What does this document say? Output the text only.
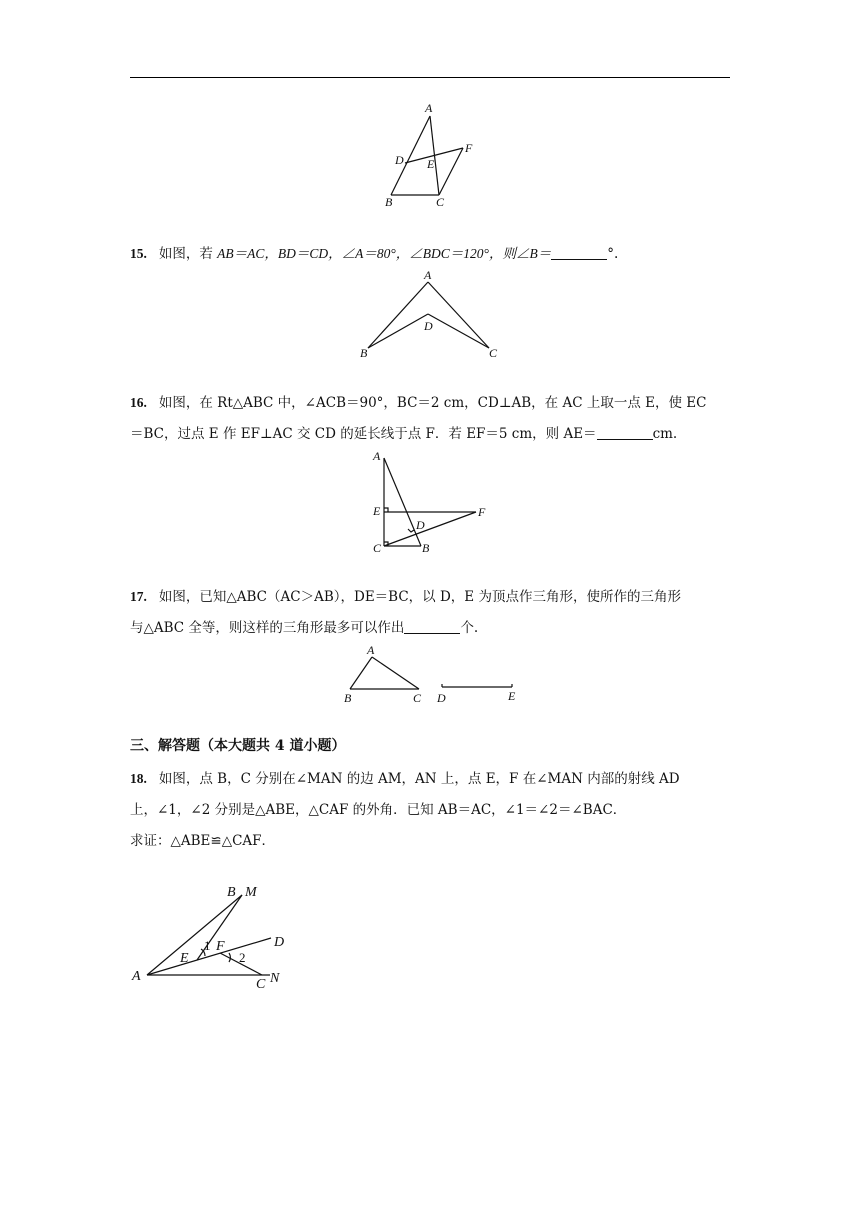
A
B	C
D E
F
15. 如图，若 AB＝AC，BD＝CD，∠A＝80°，∠BDC＝120°，则∠B＝	°.
A
B	C
D
16. 如图，在 Rt△ABC 中，∠ACB＝90°，BC＝2 cm，CD⊥AB，在 AC 上取一点 E，使 EC
＝BC，过点 E 作 EF⊥AC 交 CD 的延长线于点 F．若 EF＝5 cm，则 AE＝	cm.
A
E
C	B
D
F
17. 如图，已知△ABC（AC＞AB），DE＝BC，以 D，E 为顶点作三角形，使所作的三角形
与△ABC 全等，则这样的三角形最多可以作出	个.
A
B	C D	E
三、解答题（本大题共 4 道小题）
18. 如图，点 B，C 分别在∠MAN 的边 AM，AN 上，点 E，F 在∠MAN 内部的射线 AD
上，∠1，∠2 分别是△ABE，△CAF 的外角．已知 AB＝AC，∠1＝∠2＝∠BAC．
求证：△ABE≌△CAF．
A
B M
E
1 F	D
2
C N
